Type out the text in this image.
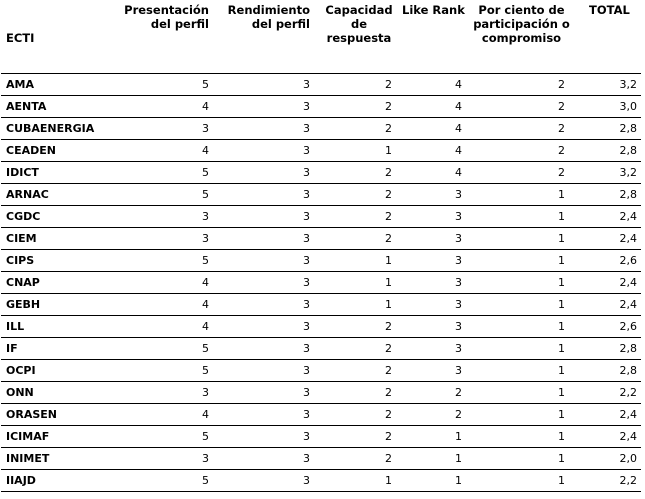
ECTI	Presentación del perfil	Rendimiento del perfil	Capacidad de respuesta	Like Rank	Por ciento de participación o compromiso	TOTAL
AMA	5	3	2	4	2	3,2
AENTA	4	3	2	4	2	3,0
CUBAENERGIA	3	3	2	4	2	2,8
CEADEN	4	3	1	4	2	2,8
IDICT	5	3	2	4	2	3,2
ARNAC	5	3	2	3	1	2,8
CGDC	3	3	2	3	1	2,4
CIEM	3	3	2	3	1	2,4
CIPS	5	3	1	3	1	2,6
CNAP	4	3	1	3	1	2,4
GEBH	4	3	1	3	1	2,4
ILL	4	3	2	3	1	2,6
IF	5	3	2	3	1	2,8
OCPI	5	3	2	3	1	2,8
ONN	3	3	2	2	1	2,2
ORASEN	4	3	2	2	1	2,4
ICIMAF	5	3	2	1	1	2,4
INIMET	3	3	2	1	1	2,0
IIAJD	5	3	1	1	1	2,2
